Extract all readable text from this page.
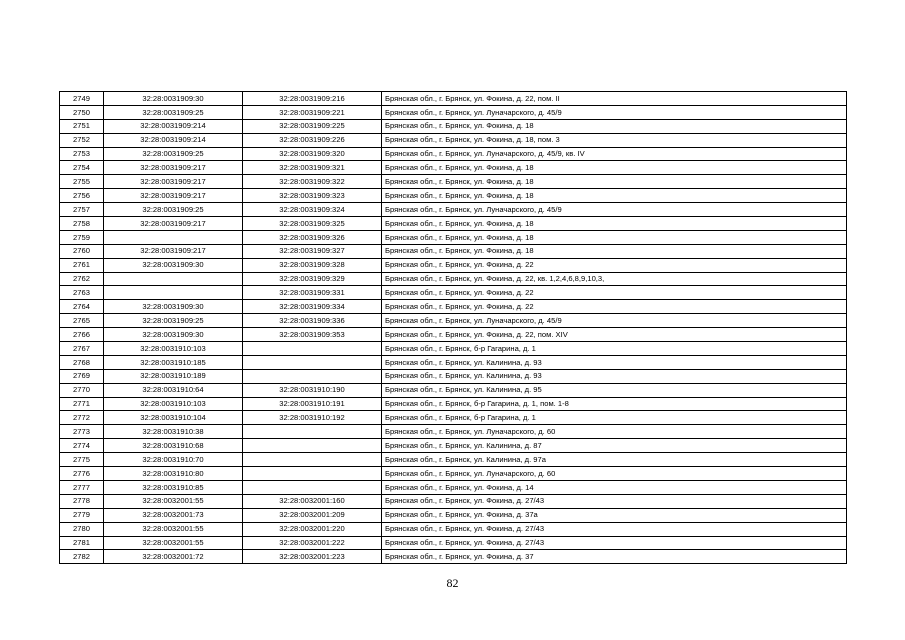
2749	32:28:0031909:30	32:28:0031909:216	Брянская обл., г. Брянск, ул. Фокина, д. 22, пом. II
2750	32:28:0031909:25	32:28:0031909:221	Брянская обл., г. Брянск, ул. Луначарского, д. 45/9
2751	32:28:0031909:214	32:28:0031909:225	Брянская обл., г. Брянск, ул. Фокина, д. 18
2752	32:28:0031909:214	32:28:0031909:226	Брянская обл., г. Брянск, ул. Фокина, д. 18, пом. 3
2753	32:28:0031909:25	32:28:0031909:320	Брянская обл., г. Брянск, ул. Луначарского, д. 45/9, кв. IV
2754	32:28:0031909:217	32:28:0031909:321	Брянская обл., г. Брянск, ул. Фокина, д. 18
2755	32:28:0031909:217	32:28:0031909:322	Брянская обл., г. Брянск, ул. Фокина, д. 18
2756	32:28:0031909:217	32:28:0031909:323	Брянская обл., г. Брянск, ул. Фокина, д. 18
2757	32:28:0031909:25	32:28:0031909:324	Брянская обл., г. Брянск, ул. Луначарского, д. 45/9
2758	32:28:0031909:217	32:28:0031909:325	Брянская обл., г. Брянск, ул. Фокина, д. 18
2759		32:28:0031909:326	Брянская обл., г. Брянск, ул. Фокина, д. 18
2760	32:28:0031909:217	32:28:0031909:327	Брянская обл., г. Брянск, ул. Фокина, д. 18
2761	32:28:0031909:30	32:28:0031909:328	Брянская обл., г. Брянск, ул. Фокина, д. 22
2762		32:28:0031909:329	Брянская обл., г. Брянск, ул. Фокина, д. 22, кв. 1,2,4,6,8,9,10,3,
2763		32:28:0031909:331	Брянская обл., г. Брянск, ул. Фокина, д. 22
2764	32:28:0031909:30	32:28:0031909:334	Брянская обл., г. Брянск, ул. Фокина, д. 22
2765	32:28:0031909:25	32:28:0031909:336	Брянская обл., г. Брянск, ул. Луначарского, д. 45/9
2766	32:28:0031909:30	32:28:0031909:353	Брянская обл., г. Брянск, ул. Фокина, д. 22, пом. XIV
2767	32:28:0031910:103		Брянская обл., г. Брянск, б-р Гагарина, д. 1
2768	32:28:0031910:185		Брянская обл., г. Брянск, ул. Калинина, д. 93
2769	32:28:0031910:189		Брянская обл., г. Брянск, ул. Калинина, д. 93
2770	32:28:0031910:64	32:28:0031910:190	Брянская обл., г. Брянск, ул. Калинина, д. 95
2771	32:28:0031910:103	32:28:0031910:191	Брянская обл., г. Брянск, б-р Гагарина, д. 1, пом. 1-8
2772	32:28:0031910:104	32:28:0031910:192	Брянская обл., г. Брянск, б-р Гагарина, д. 1
2773	32:28:0031910:38		Брянская обл., г. Брянск, ул. Луначарского, д. 60
2774	32:28:0031910:68		Брянская обл., г. Брянск, ул. Калинина, д. 87
2775	32:28:0031910:70		Брянская обл., г. Брянск, ул. Калинина, д. 97а
2776	32:28:0031910:80		Брянская обл., г. Брянск, ул. Луначарского, д. 60
2777	32:28:0031910:85		Брянская обл., г. Брянск, ул. Фокина, д. 14
2778	32:28:0032001:55	32:28:0032001:160	Брянская обл., г. Брянск, ул. Фокина, д. 27/43
2779	32:28:0032001:73	32:28:0032001:209	Брянская обл., г. Брянск, ул. Фокина, д. 37а
2780	32:28:0032001:55	32:28:0032001:220	Брянская обл., г. Брянск, ул. Фокина, д. 27/43
2781	32:28:0032001:55	32:28:0032001:222	Брянская обл., г. Брянск, ул. Фокина, д. 27/43
2782	32:28:0032001:72	32:28:0032001:223	Брянская обл., г. Брянск, ул. Фокина, д. 37
82
